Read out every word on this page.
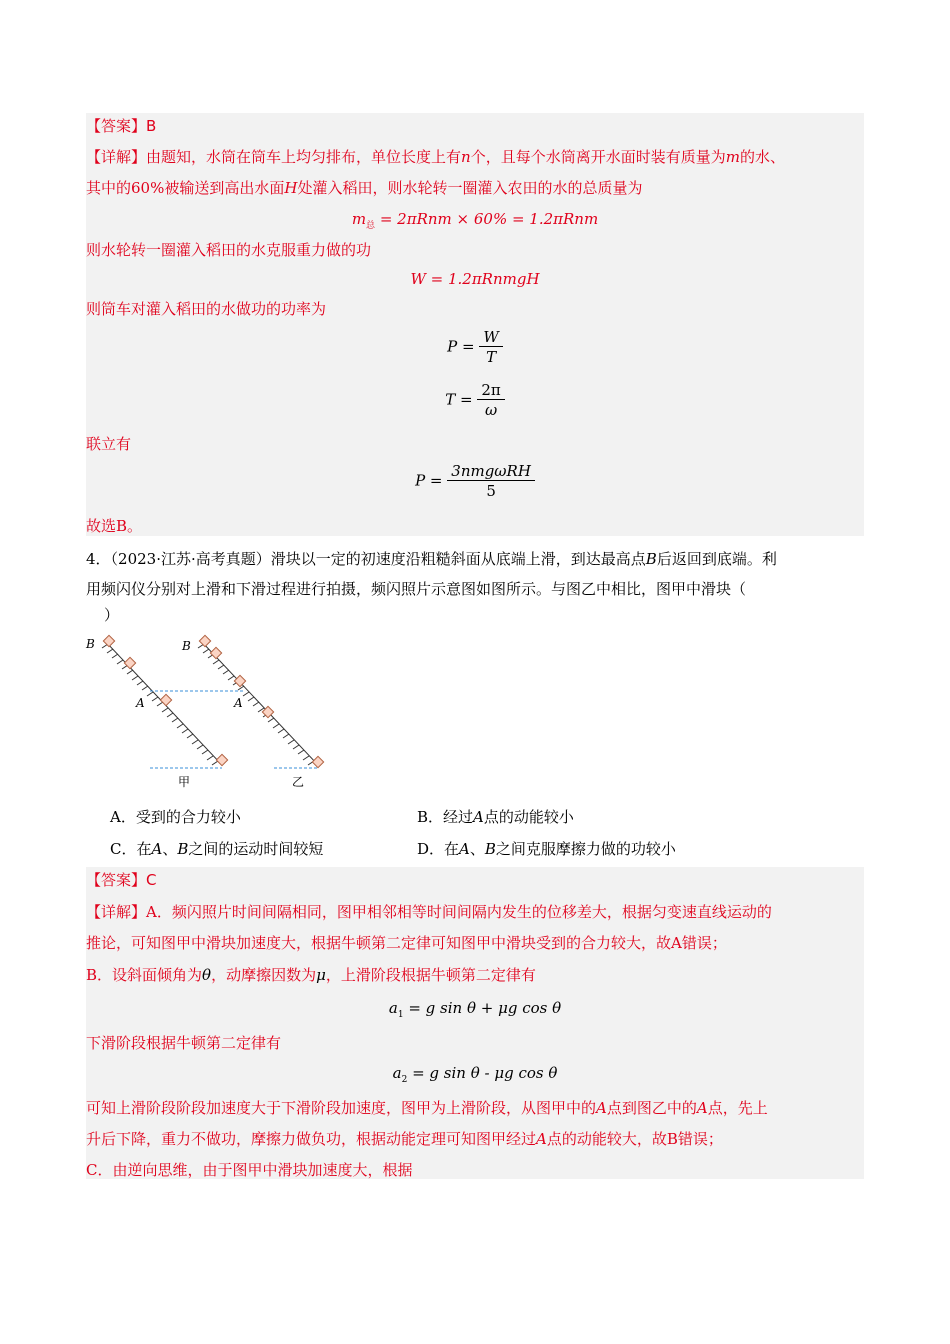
【答案】B
【详解】由题知，水筒在筒车上均匀排布，单位长度上有n个，且每个水筒离开水面时装有质量为m的水、
其中的60%被输送到高出水面H处灌入稻田，则水轮转一圈灌入农田的水的总质量为
$m_总 = 2\pi Rnm \times 60\% = 1.2\pi Rnm$
则水轮转一圈灌入稻田的水克服重力做的功
W = 1.2πRnmgH
则筒车对灌入稻田的水做功的功率为
$P = \frac{W}{T}$
$T = \frac{2\pi}{\omega}$
联立有
$P = \frac{\text{3nmgωRH}}{5}$
故选B。
4．（2023·江苏·高考真题）滑块以一定的初速度沿粗糙斜面从底端上滑，到达最高点B后返回到底端。利
用频闪仪分别对上滑和下滑过程进行拍摄，频闪照片示意图如图所示。与图乙中相比，图甲中滑块（
）
B
A
B
A
甲	乙
A．受到的合力较小	B．经过A点的动能较小
C．在A、B之间的运动时间较短	D．在A、B之间克服摩擦力做的功较小
【答案】C
【详解】A．频闪照片时间间隔相同，图甲相邻相等时间间隔内发生的位移差大，根据匀变速直线运动的
推论，可知图甲中滑块加速度大，根据牛顿第二定律可知图甲中滑块受到的合力较大，故A错误；
B．设斜面倾角为θ，动摩擦因数为μ，上滑阶段根据牛顿第二定律有
$a_1 = g$ sin θ + μg cos θ
下滑阶段根据牛顿第二定律有
$a_2 = g$ sin θ - μg cos θ
可知上滑阶段阶段加速度大于下滑阶段加速度，图甲为上滑阶段，从图甲中的A点到图乙中的A点，先上
升后下降，重力不做功，摩擦力做负功，根据动能定理可知图甲经过A点的动能较大，故B错误；
C．由逆向思维，由于图甲中滑块加速度大，根据
